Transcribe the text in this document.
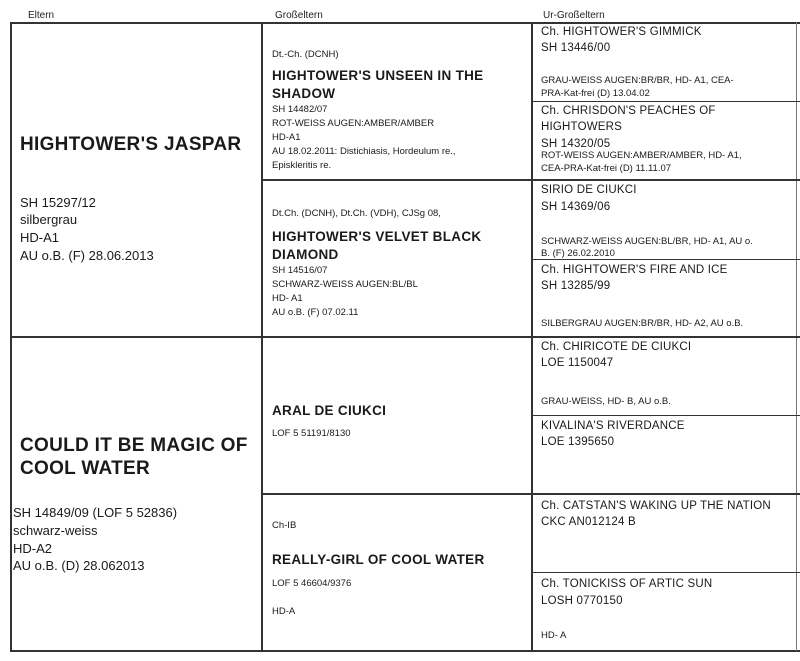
Eltern	Großeltern	Ur-Großeltern
HIGHTOWER'S JASPAR
SH 15297/12
silbergrau
HD-A1
AU o.B. (F) 28.06.2013
COULD IT BE MAGIC OF
COOL WATER
SH 14849/09 (LOF 5 52836)
schwarz-weiss
HD-A2
AU o.B. (D) 28.062013
Dt.-Ch. (DCNH)
HIGHTOWER'S UNSEEN IN THE
SHADOW
SH 14482/07
ROT-WEISS AUGEN:AMBER/AMBER
HD-A1
AU 18.02.2011: Distichiasis, Hordeulum re.,
Episkleritis re.
Dt.Ch. (DCNH), Dt.Ch. (VDH), CJSg 08,
HIGHTOWER'S VELVET BLACK
DIAMOND
SH 14516/07
SCHWARZ-WEISS AUGEN:BL/BL
HD- A1
AU o.B. (F) 07.02.11
ARAL DE CIUKCI
LOF 5 51191/8130
Ch-IB
REALLY-GIRL OF COOL WATER
LOF 5 46604/9376
HD-A
Ch. HIGHTOWER'S GIMMICK
SH 13446/00
GRAU-WEISS AUGEN:BR/BR, HD- A1, CEA-
PRA-Kat-frei (D) 13.04.02
Ch. CHRISDON'S PEACHES OF
HIGHTOWERS
SH 14320/05
ROT-WEISS AUGEN:AMBER/AMBER, HD- A1,
CEA-PRA-Kat-frei (D) 11.11.07
SIRIO DE CIUKCI
SH 14369/06
SCHWARZ-WEISS AUGEN:BL/BR, HD- A1, AU o.
B. (F) 26.02.2010
Ch. HIGHTOWER'S FIRE AND ICE
SH 13285/99
SILBERGRAU AUGEN:BR/BR, HD- A2, AU o.B.
Ch. CHIRICOTE DE CIUKCI
LOE 1150047
GRAU-WEISS, HD- B, AU o.B.
KIVALINA'S RIVERDANCE
LOE 1395650
Ch. CATSTAN'S WAKING UP THE NATION
CKC AN012124 B
Ch. TONICKISS OF ARTIC SUN
LOSH 0770150
HD- A
